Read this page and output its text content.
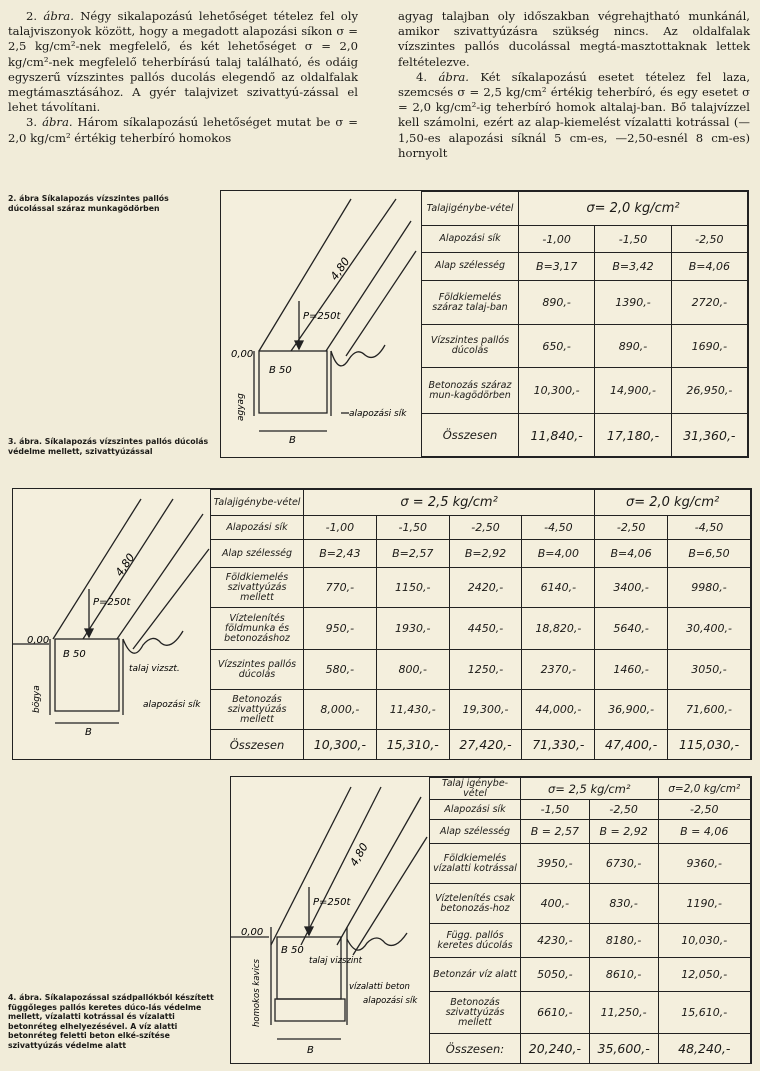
2. ábra. Négy sikalapozású lehetőséget tételez fel oly talajviszonyok között, hogy a megadott alapozási síkon σ = 2,5 kg/cm²-nek megfelelő, és két lehetőséget σ = 2,0 kg/cm²-nek megfelelő teherbírású talaj található, és odáig egyszerű vízszintes pallós ducolás elegendő az oldalfalak megtámasztásához. A gyér talajvizet szivattyú-zással el lehet távolítani.

3. ábra. Három síkalapozású lehetőséget mutat be σ = 2,0 kg/cm² értékig teherbíró homokos

agyag talajban oly időszakban végrehajtható munkánál, amikor szivattyúzásra szükség nincs. Az oldalfalak vízszintes pallós ducolással megtá-masztottaknak lettek feltételezve.

4. ábra. Két síkalapozású esetet tételez fel laza, szemcsés σ = 2,5 kg/cm² értékig teherbíró, és egy esetet σ = 2,0 kg/cm²-ig teherbíró homok altalaj-ban. Bő talajvízzel kell számolni, ezért az alap-kiemelést vízalatti kotrással (—1,50-es alapozási síknál 5 cm-es, —2,50-esnél 8 cm-es) hornyolt

2. ábra Síkalapozás vízszintes pallós dúcolással száraz munkagödörben
3. ábra. Síkalapozás vízszintes pallós dúcolás védelme mellett, szivattyúzással
4. ábra. Síkalapozással szádpallókból készített függőleges pallós keretes dúco-lás védelme mellett, vízalatti kotrással és vízalatti betonréteg elhelyezésével. A víz alatti betonréteg feletti beton elké-szítése szivattyúzás védelme alatt
4,80
P=250t
0,00
B 50
B
agyag	alapozási sík
Talajigénybe-vétel	σ= 2,0 kg/cm²		
Alapozási sík	-1,00	-1,50	-2,50
Alap szélesség	B=3,17	B=3,42	B=4,06
Földkiemelés száraz talaj-ban	890,-	1390,-	2720,-
Vízszintes pallós dúcolás	650,-	890,-	1690,-
Betonozás száraz mun-kagödörben	10,300,-	14,900,-	26,950,-
Összesen	11,840,-	17,180,-	31,360,-
4,80
P=250t
0,00
B 50
talaj vizszt.
B
bögya	alapozási sík
Talajigénybe-vétel	σ = 2,5 kg/cm²				σ= 2,0 kg/cm²	
Alapozási sík	-1,00	-1,50	-2,50	-4,50	-2,50	-4,50
Alap szélesség	B=2,43	B=2,57	B=2,92	B=4,00	B=4,06	B=6,50
Földkiemelés szivattyúzás mellett	770,-	1150,-	2420,-	6140,-	3400,-	9980,-
Víztelenítés földmunka és betonozáshoz	950,-	1930,-	4450,-	18,820,-	5640,-	30,400,-
Vízszintes pallós dúcolás	580,-	800,-	1250,-	2370,-	1460,-	3050,-
Betonozás szivattyúzás mellett	8,000,-	11,430,-	19,300,-	44,000,-	36,900,-	71,600,-
Összesen	10,300,-	15,310,-	27,420,-	71,330,-	47,400,-	115,030,-
4,80
P=250t
0,00
B 50
talaj vizszint
vízalatti beton
alapozási sík
B
homokos kavics
Talaj igénybe-vétel	σ= 2,5 kg/cm²		σ=2,0 kg/cm²
Alapozási sík	-1,50	-2,50	-2,50
Alap szélesség	B = 2,57	B = 2,92	B = 4,06
Földkiemelés vízalatti kotrással	3950,-	6730,-	9360,-
Víztelenítés csak betonozás-hoz	400,-	830,-	1190,-
Függ. pallós keretes dúcolás	4230,-	8180,-	10,030,-
Betonzár víz alatt	5050,-	8610,-	12,050,-
Betonozás szivattyúzás mellett	6610,-	11,250,-	15,610,-
Összesen:	20,240,-	35,600,-	48,240,-
